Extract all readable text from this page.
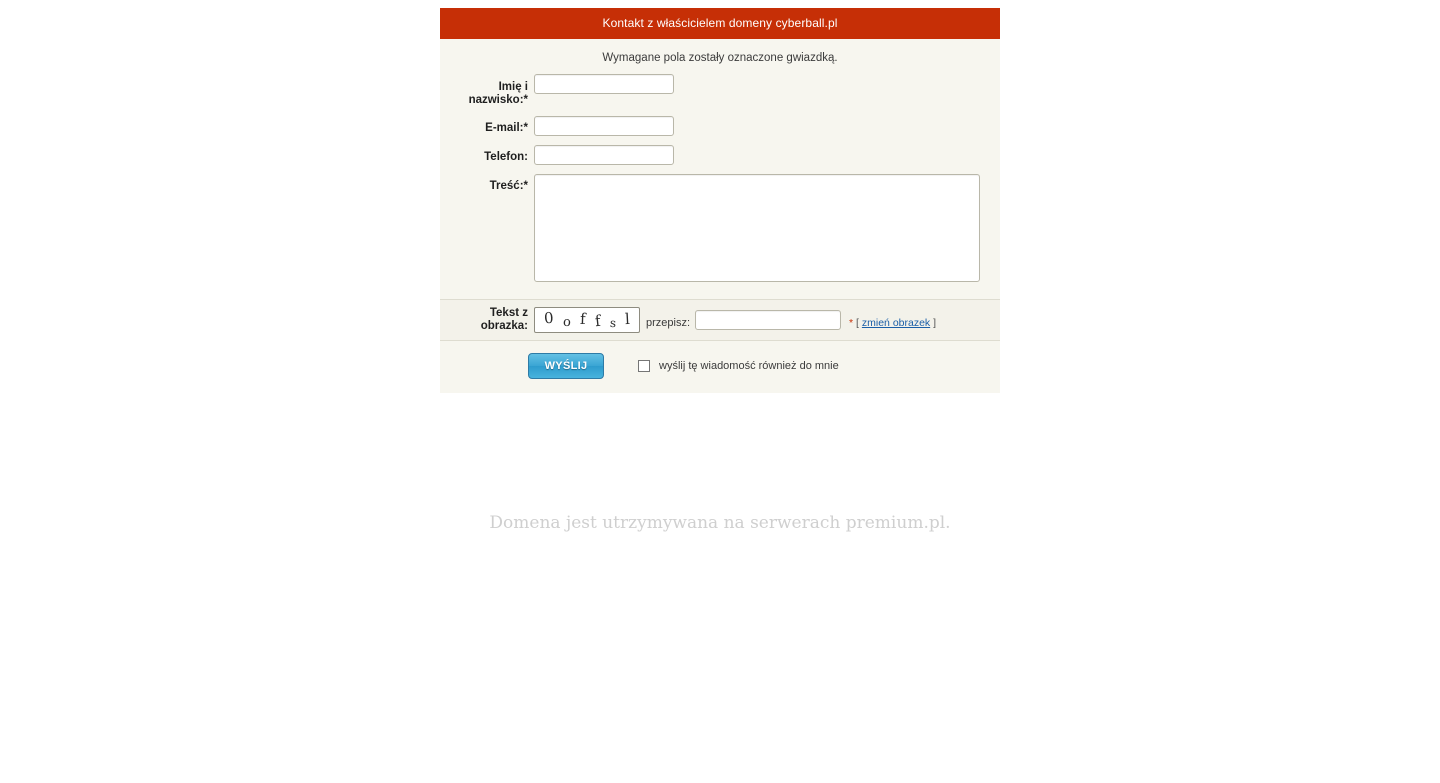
Kontakt z właścicielem domeny cyberball.pl
Wymagane pola zostały oznaczone gwiazdką.
Imię i nazwisko:*
E-mail:*
Telefon:
Treść:*
Tekst z obrazka:	0 o f f s l przepisz:	* [ zmień obrazek ]
WYŚLIJ	wyślij tę wiadomość również do mnie
Domena jest utrzymywana na serwerach premium.pl.
